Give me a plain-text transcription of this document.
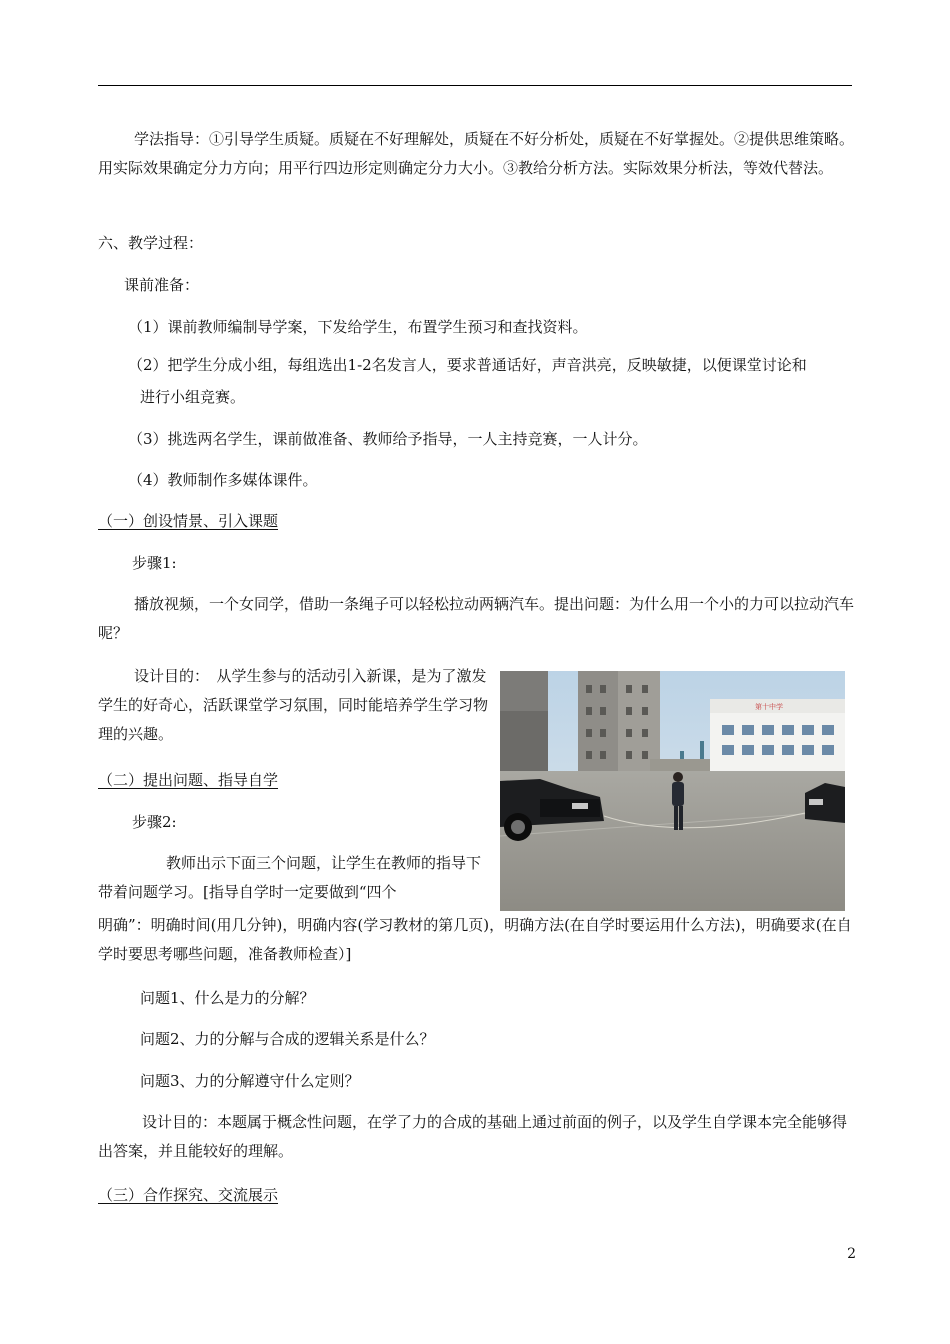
学法指导：①引导学生质疑。质疑在不好理解处，质疑在不好分析处，质疑在不好掌握处。②提供思维策略。用实际效果确定分力方向；用平行四边形定则确定分力大小。③教给分析方法。实际效果分析法，等效代替法。

六、教学过程：

课前准备：

（1）课前教师编制导学案，下发给学生，布置学生预习和查找资料。

（2）把学生分成小组，每组选出1-2名发言人，要求普通话好，声音洪亮，反映敏捷，以便课堂讨论和

进行小组竞赛。

（3）挑选两名学生，课前做准备、教师给予指导，一人主持竞赛，一人计分。

（4）教师制作多媒体课件。

（一）创设情景、引入课题

步骤1:

播放视频，一个女同学，借助一条绳子可以轻松拉动两辆汽车。提出问题：为什么用一个小的力可以拉动汽车呢？

设计目的：　从学生参与的活动引入新课，是为了激发学生的好奇心，活跃课堂学习氛围，同时能培养学生学习物理的兴趣。

第十中学

（二）提出问题、指导自学

步骤2:

教师出示下面三个问题，让学生在教师的指导下带着问题学习。[指导自学时一定要做到“四个

明确”：明确时间(用几分钟)，明确内容(学习教材的第几页)，明确方法(在自学时要运用什么方法)，明确要求(在自学时要思考哪些问题，准备教师检查）]

问题1、什么是力的分解？

问题2、力的分解与合成的逻辑关系是什么？

问题3、力的分解遵守什么定则？

设计目的：本题属于概念性问题，在学了力的合成的基础上通过前面的例子，以及学生自学课本完全能够得出答案，并且能较好的理解。

（三）合作探究、交流展示

2
